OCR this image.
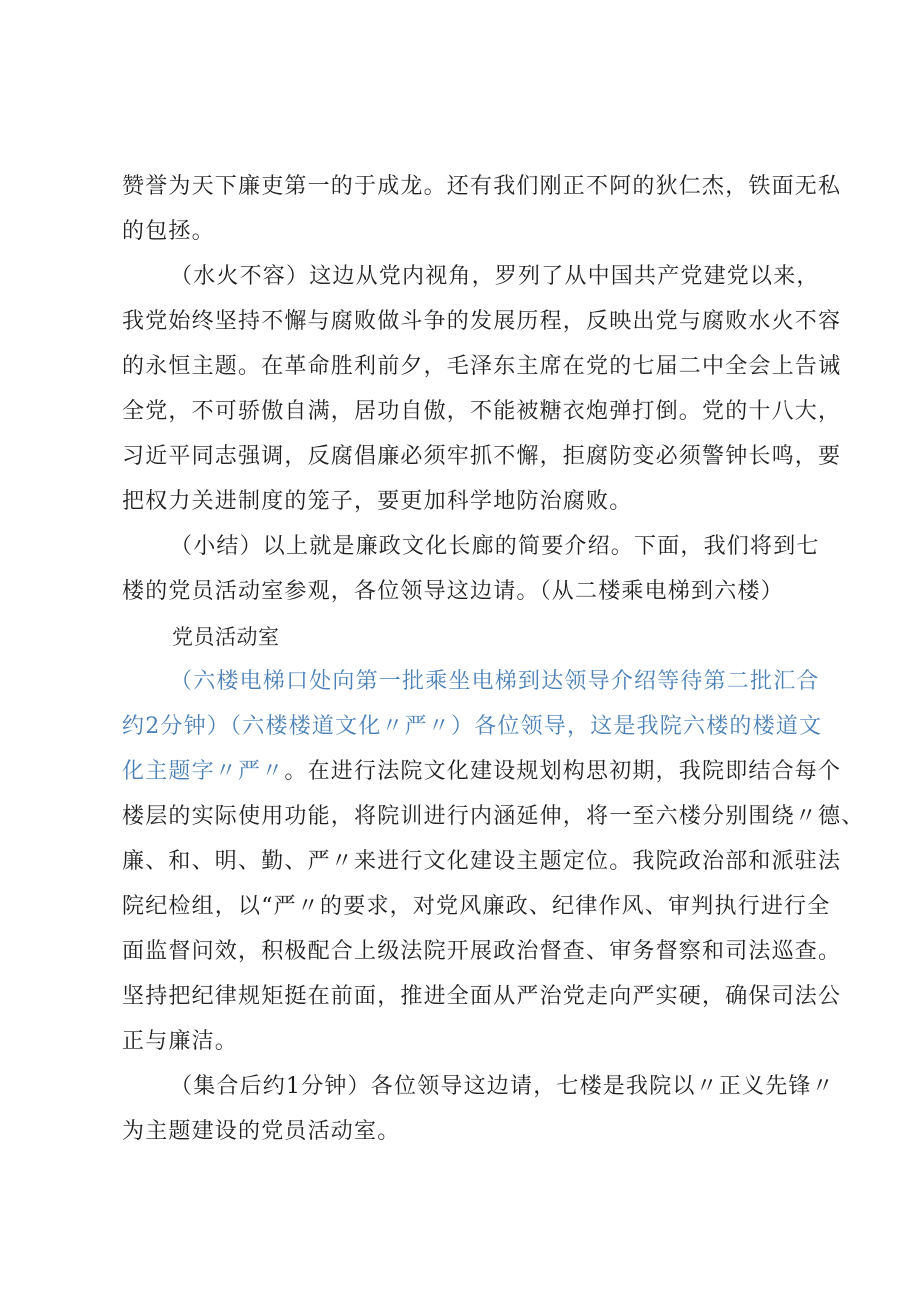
赞誉为天下廉吏第一的于成龙。还有我们刚正不阿的狄仁杰，铁面无私
的包拯。
（水火不容）这边从党内视角，罗列了从中国共产党建党以来，
我党始终坚持不懈与腐败做斗争的发展历程，反映出党与腐败水火不容
的永恒主题。在革命胜利前夕，毛泽东主席在党的七届二中全会上告诫
全党，不可骄傲自满，居功自傲，不能被糖衣炮弹打倒。党的十八大，
习近平同志强调，反腐倡廉必须牢抓不懈，拒腐防变必须警钟长鸣，要
把权力关进制度的笼子，要更加科学地防治腐败。
（小结）以上就是廉政文化长廊的简要介绍。下面，我们将到七
楼的党员活动室参观，各位领导这边请。（从二楼乘电梯到六楼）
党员活动室
（六楼电梯口处向第一批乘坐电梯到达领导介绍等待第二批汇合
约2分钟）（六楼楼道文化〃严〃）各位领导，这是我院六楼的楼道文
化主题字〃严〃。在进行法院文化建设规划构思初期，我院即结合每个
楼层的实际使用功能，将院训进行内涵延伸，将一至六楼分别围绕〃德、
廉、和、明、勤、严〃来进行文化建设主题定位。我院政治部和派驻法
院纪检组，以“严〃的要求，对党风廉政、纪律作风、审判执行进行全
面监督问效，积极配合上级法院开展政治督查、审务督察和司法巡查。
坚持把纪律规矩挺在前面，推进全面从严治党走向严实硬，确保司法公
正与廉洁。
（集合后约1分钟）各位领导这边请，七楼是我院以〃正义先锋〃
为主题建设的党员活动室。
